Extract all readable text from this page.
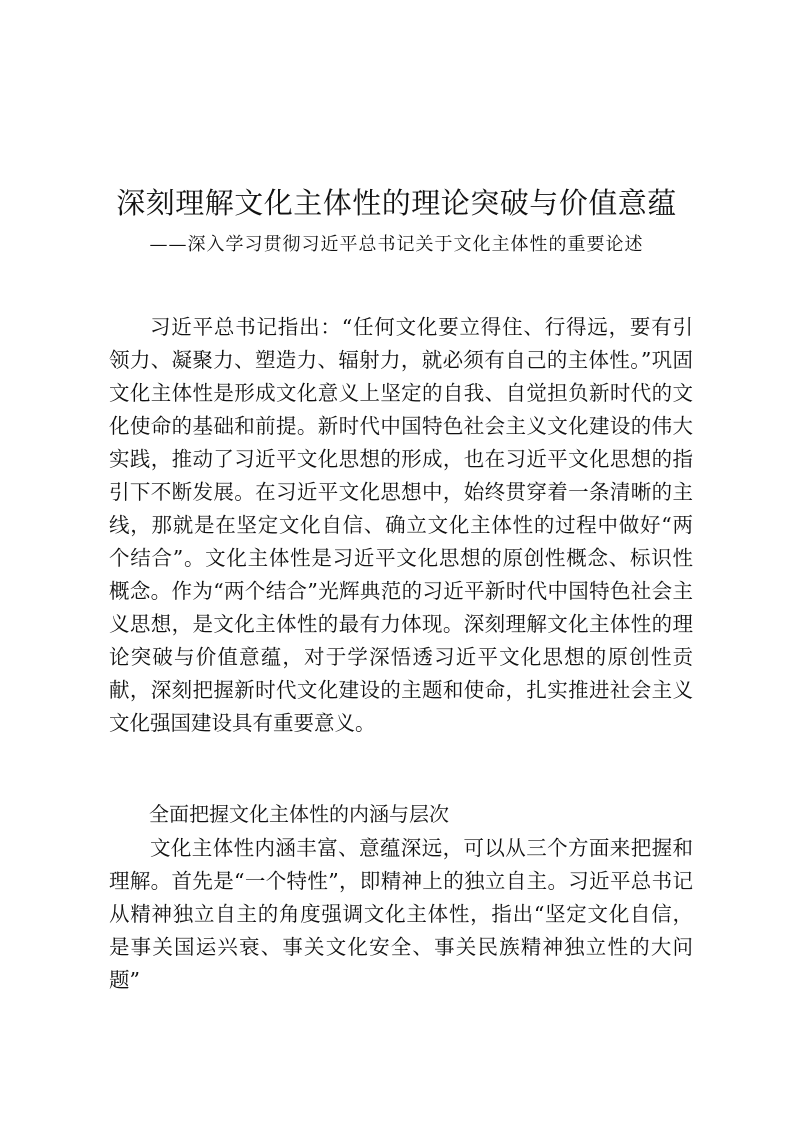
深刻理解文化主体性的理论突破与价值意蕴
——深入学习贯彻习近平总书记关于文化主体性的重要论述

习近平总书记指出：“任何文化要立得住、行得远，要有引领力、凝聚力、塑造力、辐射力，就必须有自己的主体性。”巩固文化主体性是形成文化意义上坚定的自我、自觉担负新时代的文化使命的基础和前提。新时代中国特色社会主义文化建设的伟大实践，推动了习近平文化思想的形成，也在习近平文化思想的指引下不断发展。在习近平文化思想中，始终贯穿着一条清晰的主线，那就是在坚定文化自信、确立文化主体性的过程中做好“两个结合”。文化主体性是习近平文化思想的原创性概念、标识性概念。作为“两个结合”光辉典范的习近平新时代中国特色社会主义思想，是文化主体性的最有力体现。深刻理解文化主体性的理论突破与价值意蕴，对于学深悟透习近平文化思想的原创性贡献，深刻把握新时代文化建设的主题和使命，扎实推进社会主义文化强国建设具有重要意义。

全面把握文化主体性的内涵与层次

文化主体性内涵丰富、意蕴深远，可以从三个方面来把握和理解。首先是“一个特性”，即精神上的独立自主。习近平总书记从精神独立自主的角度强调文化主体性，指出“坚定文化自信，是事关国运兴衰、事关文化安全、事关民族精神独立性的大问题”
